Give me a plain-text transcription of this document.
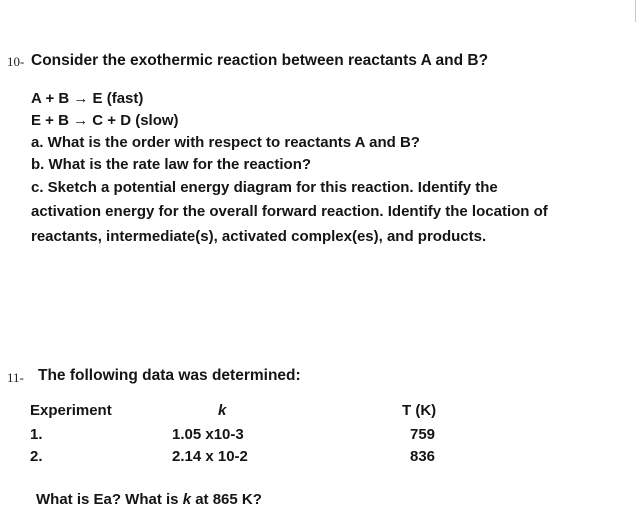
10- Consider the exothermic reaction between reactants A and B?
A + B → E (fast)
E + B → C + D (slow)
a. What is the order with respect to reactants A and B?
b. What is the rate law for the reaction?
c. Sketch a potential energy diagram for this reaction. Identify the
activation energy for the overall forward reaction. Identify the location of
reactants, intermediate(s), activated complex(es), and products.
11- The following data was determined:
Experiment	k	T (K)
1.	1.05 x10-3	759
2.	2.14 x 10-2	836
What is Ea? What is k at 865 K?
